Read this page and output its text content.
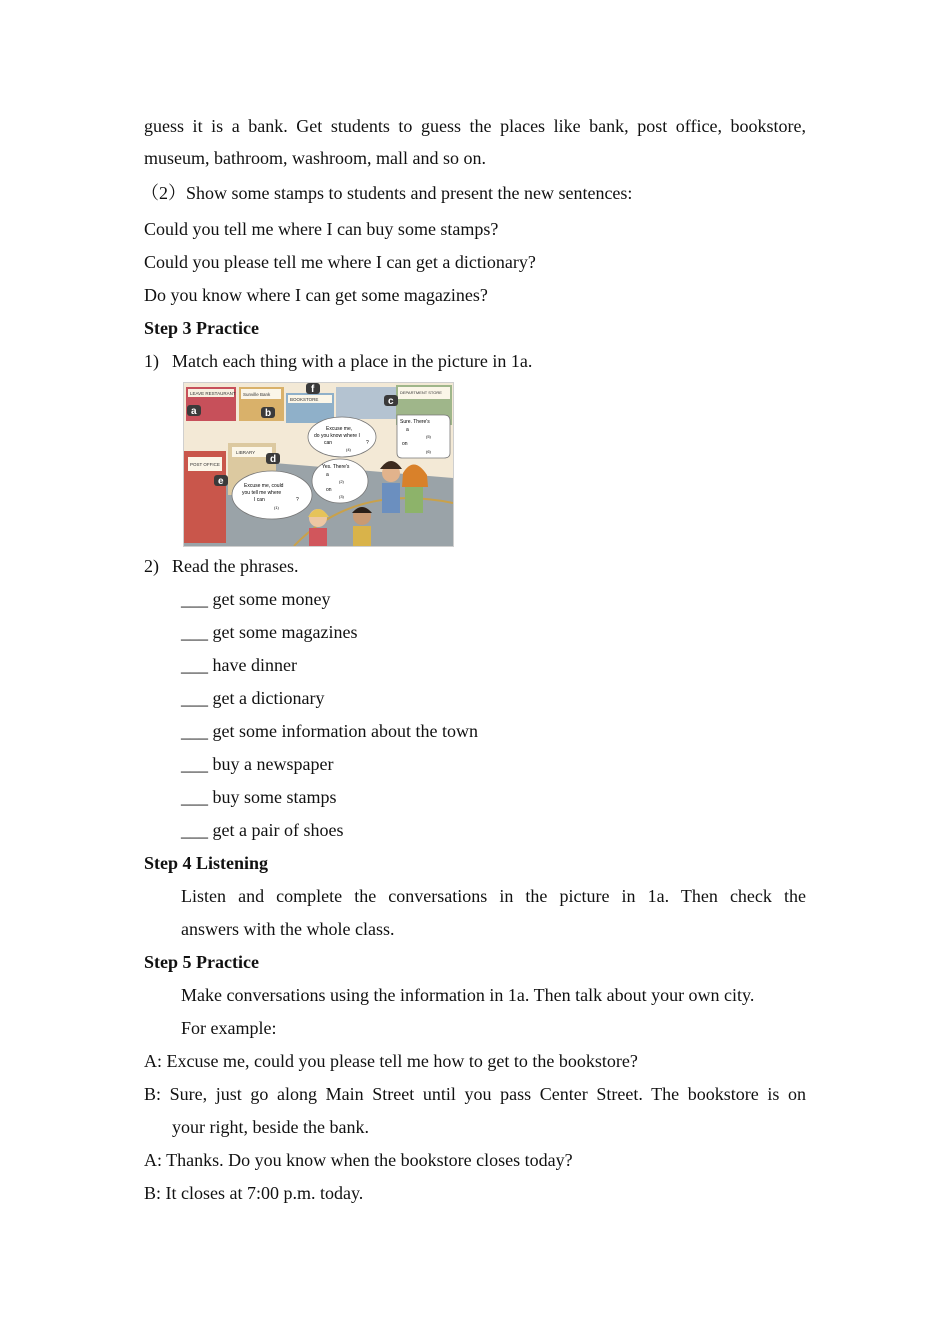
guess it is a bank. Get students to guess the places like bank, post office, bookstore,
museum, bathroom, washroom, mall and so on.
（2）Show some stamps to students and present the new sentences:
Could you tell me where I can buy some stamps?
Could you please tell me where I can get a dictionary?
Do you know where I can get some magazines?
Step 3 Practice
1) Match each thing with a place in the picture in 1a.
LEAVE RESTAURANT Sunville Bank
BOOKSTORE
DEPARTMENT STORE
POST OFFICE
LIBRARY
Excuse me,
do you know where I
can	?
(4)
Sure. There's
a
(5)
on
(6)
Yes. There's
a
(2)
on
(3)
Excuse me, could
you tell me where
I can	?
(1)
a	b
c
d
e
f
2) Read the phrases.
___ get some money
___ get some magazines
___ have dinner
___ get a dictionary
___ get some information about the town
___ buy a newspaper
___ buy some stamps
___ get a pair of shoes
Step 4 Listening
Listen and complete the conversations in the picture in 1a. Then check the
answers with the whole class.
Step 5 Practice
Make conversations using the information in 1a. Then talk about your own city.
For example:
A: Excuse me, could you please tell me how to get to the bookstore?
B: Sure, just go along Main Street until you pass Center Street. The bookstore is on
your right, beside the bank.
A: Thanks. Do you know when the bookstore closes today?
B: It closes at 7:00 p.m. today.
